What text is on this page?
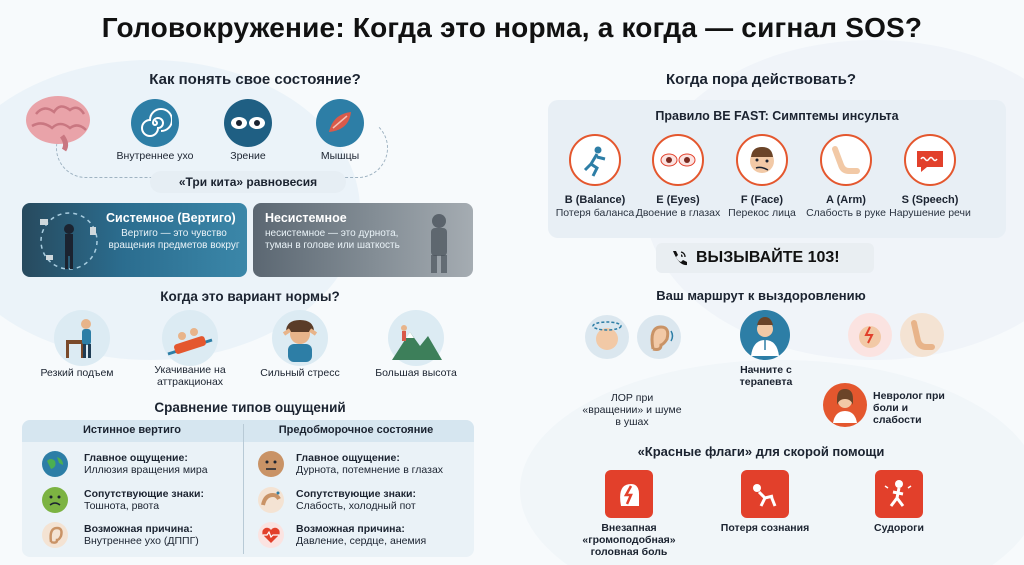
Головокружение: Когда это норма, а когда — сигнал SOS?
Как понять свое состояние?
Внутреннее ухо	Зрение	Мышцы
«Три кита» равновесия
Системное (Вертиго)
Вертиго — это чувство вращения предметов вокруг
Несистемное
несистемное — это дурнота, туман в голове или шаткость
Когда это вариант нормы?
Резкий подъем	Укачивание на аттракционах
Сильный стресс	Большая высота
Сравнение типов ощущений
Истинное вертиго	Предобморочное состояние
Главное ощущение:
Иллюзия вращения мира
Главное ощущение:
Дурнота, потемнение в глазах
Сопутствующие знаки:
Тошнота, рвота
Сопутствующие знаки:
Слабость, холодный пот
Возможная причина:
Внутреннее ухо (ДППГ)
Возможная причина:
Давление, сердце, анемия
Когда пора действовать?
Правило BE FAST: Симптемы инсульта
B (Balance)
Потеря баланса
E (Eyes)
Двоение в глазах
F (Face)
Перекос лица
A (Arm)
Слабость в руке
S (Speech)
Нарушение речи
ВЫЗЫВАЙТЕ 103!
Ваш маршрут к выздоровлению
ЛОР при «вращении» и шуме в ушах
Начните с терапевта
Невролог при боли и слабости
«Красные флаги» для скорой помощи
Внезапная «громоподобная» головная боль
Потеря сознания	Судороги
